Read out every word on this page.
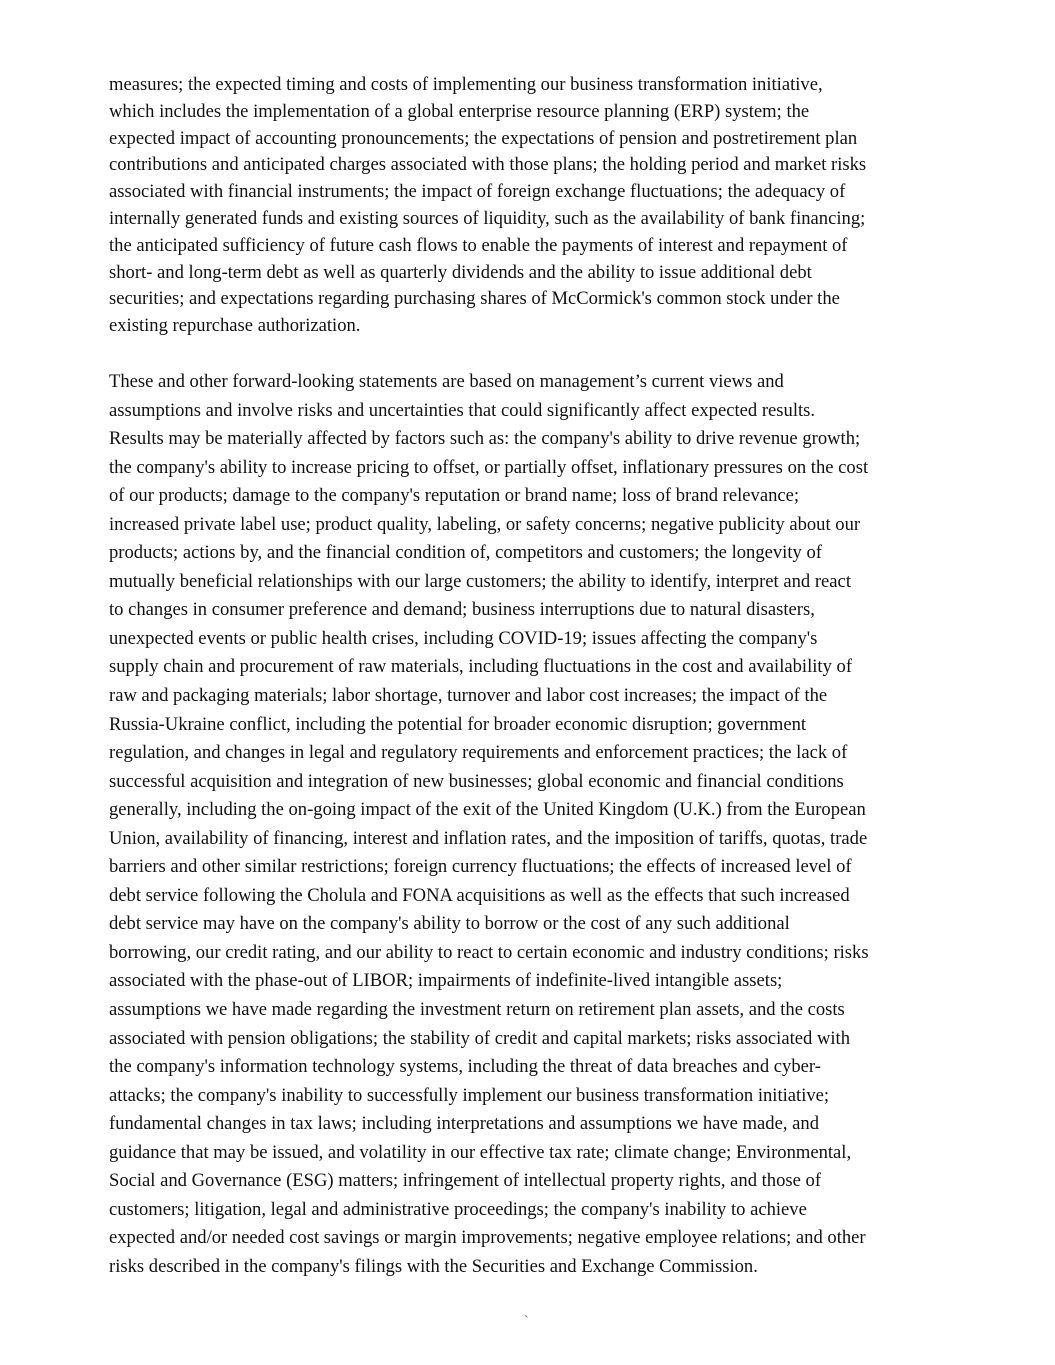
measures; the expected timing and costs of implementing our business transformation initiative,
which includes the implementation of a global enterprise resource planning (ERP) system; the
expected impact of accounting pronouncements; the expectations of pension and postretirement plan
contributions and anticipated charges associated with those plans; the holding period and market risks
associated with financial instruments; the impact of foreign exchange fluctuations; the adequacy of
internally generated funds and existing sources of liquidity, such as the availability of bank financing;
the anticipated sufficiency of future cash flows to enable the payments of interest and repayment of
short- and long-term debt as well as quarterly dividends and the ability to issue additional debt
securities; and expectations regarding purchasing shares of McCormick's common stock under the
existing repurchase authorization.
These and other forward-looking statements are based on management’s current views and
assumptions and involve risks and uncertainties that could significantly affect expected results.
Results may be materially affected by factors such as: the company's ability to drive revenue growth;
the company's ability to increase pricing to offset, or partially offset, inflationary pressures on the cost
of our products; damage to the company's reputation or brand name; loss of brand relevance;
increased private label use; product quality, labeling, or safety concerns; negative publicity about our
products; actions by, and the financial condition of, competitors and customers; the longevity of
mutually beneficial relationships with our large customers; the ability to identify, interpret and react
to changes in consumer preference and demand; business interruptions due to natural disasters,
unexpected events or public health crises, including COVID-19; issues affecting the company's
supply chain and procurement of raw materials, including fluctuations in the cost and availability of
raw and packaging materials; labor shortage, turnover and labor cost increases; the impact of the
Russia-Ukraine conflict, including the potential for broader economic disruption; government
regulation, and changes in legal and regulatory requirements and enforcement practices; the lack of
successful acquisition and integration of new businesses; global economic and financial conditions
generally, including the on-going impact of the exit of the United Kingdom (U.K.) from the European
Union, availability of financing, interest and inflation rates, and the imposition of tariffs, quotas, trade
barriers and other similar restrictions; foreign currency fluctuations; the effects of increased level of
debt service following the Cholula and FONA acquisitions as well as the effects that such increased
debt service may have on the company's ability to borrow or the cost of any such additional
borrowing, our credit rating, and our ability to react to certain economic and industry conditions; risks
associated with the phase-out of LIBOR; impairments of indefinite-lived intangible assets;
assumptions we have made regarding the investment return on retirement plan assets, and the costs
associated with pension obligations; the stability of credit and capital markets; risks associated with
the company's information technology systems, including the threat of data breaches and cyber-
attacks; the company's inability to successfully implement our business transformation initiative;
fundamental changes in tax laws; including interpretations and assumptions we have made, and
guidance that may be issued, and volatility in our effective tax rate; climate change; Environmental,
Social and Governance (ESG) matters; infringement of intellectual property rights, and those of
customers; litigation, legal and administrative proceedings; the company's inability to achieve
expected and/or needed cost savings or margin improvements; negative employee relations; and other
risks described in the company's filings with the Securities and Exchange Commission.
`
